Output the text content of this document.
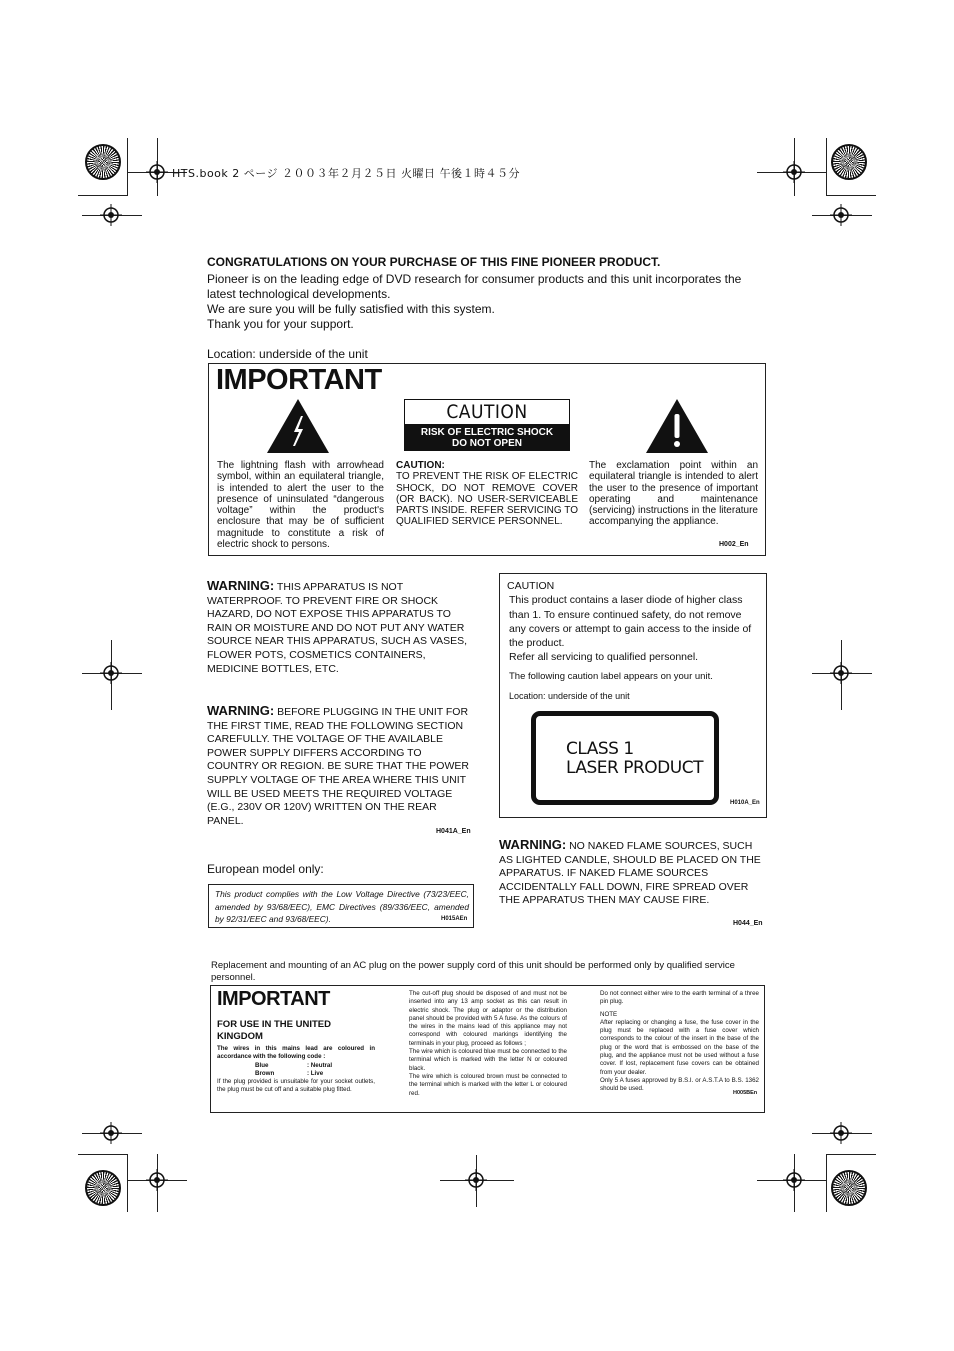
HTS.book 2 ページ ２００３年２月２５日 火曜日 午後１時４５分
CONGRATULATIONS ON YOUR PURCHASE OF THIS FINE PIONEER PRODUCT.

Pioneer is on the leading edge of DVD research for consumer products and this unit incorporates the latest technological developments.

We are sure you will be fully satisfied with this system.

Thank you for your support.

Location: underside of the unit
IMPORTANT
CAUTION
RISK OF ELECTRIC SHOCK
DO NOT OPEN
The lightning flash with arrowhead symbol, within an equilateral triangle, is intended to alert the user to the presence of uninsulated “dangerous voltage” within the product's enclosure that may be of sufficient magnitude to constitute a risk of electric shock to persons.
CAUTION:
TO PREVENT THE RISK OF ELECTRIC SHOCK, DO NOT REMOVE COVER (OR BACK). NO USER-SERVICEABLE PARTS INSIDE. REFER SERVICING TO QUALIFIED SERVICE PERSONNEL.
The exclamation point within an equilateral triangle is intended to alert the user to the presence of important operating and maintenance (servicing) instructions in the literature accompanying the appliance.
H002_En
WARNING: THIS APPARATUS IS NOT WATERPROOF. TO PREVENT FIRE OR SHOCK HAZARD, DO NOT EXPOSE THIS APPARATUS TO RAIN OR MOISTURE AND DO NOT PUT ANY WATER SOURCE NEAR THIS APPARATUS, SUCH AS VASES, FLOWER POTS, COSMETICS CONTAINERS, MEDICINE BOTTLES, ETC.
WARNING: BEFORE PLUGGING IN THE UNIT FOR THE FIRST TIME, READ THE FOLLOWING SECTION CAREFULLY. THE VOLTAGE OF THE AVAILABLE POWER SUPPLY DIFFERS ACCORDING TO COUNTRY OR REGION. BE SURE THAT THE POWER SUPPLY VOLTAGE OF THE AREA WHERE THIS UNIT WILL BE USED MEETS THE REQUIRED VOLTAGE (E.G., 230V OR 120V) WRITTEN ON THE REAR PANEL.
H041A_En
CAUTION
This product contains a laser diode of higher class than 1. To ensure continued safety, do not remove any covers or attempt to gain access to the inside of the product.
Refer all servicing to qualified personnel.
The following caution label appears on your unit.
Location: underside of the unit
CLASS 1
LASER PRODUCT
H010A_En
WARNING: NO NAKED FLAME SOURCES, SUCH AS LIGHTED CANDLE, SHOULD BE PLACED ON THE APPARATUS. IF NAKED FLAME SOURCES ACCIDENTALLY FALL DOWN, FIRE SPREAD OVER THE APPARATUS THEN MAY CAUSE FIRE.
H044_En
European model only:
This product complies with the Low Voltage Directive (73/23/EEC, amended by 93/68/EEC), EMC Directives (89/336/EEC, amended by 92/31/EEC and 93/68/EEC).	H015AEn
Replacement and mounting of an AC plug on the power supply cord of this unit should be performed only by qualified service personnel.
IMPORTANT
FOR USE IN THE UNITED KINGDOM
The wires in this mains lead are coloured in accordance with the following code :
Blue	: Neutral
Brown	: Live
If the plug provided is unsuitable for your socket outlets, the plug must be cut off and a suitable plug fitted.
The cut-off plug should be disposed of and must not be inserted into any 13 amp socket as this can result in electric shock. The plug or adaptor or the distribution panel should be provided with 5 A fuse. As the colours of the wires in the mains lead of this appliance may not correspond with coloured markings identifying the terminals in your plug, proceed as follows ;
The wire which is coloured blue must be connected to the terminal which is marked with the letter N or coloured black.
The wire which is coloured brown must be connected to the terminal which is marked with the letter L or coloured red.
Do not connect either wire to the earth terminal of a three pin plug.
NOTE
After replacing or changing a fuse, the fuse cover in the plug must be replaced with a fuse cover which corresponds to the colour of the insert in the base of the plug or the word that is embossed on the base of the plug, and the appliance must not be used without a fuse cover. If lost, replacement fuse covers can be obtained from your dealer.
Only 5 A fuses approved by B.S.I. or A.S.T.A to B.S. 1362 should be used.
H005BEn
